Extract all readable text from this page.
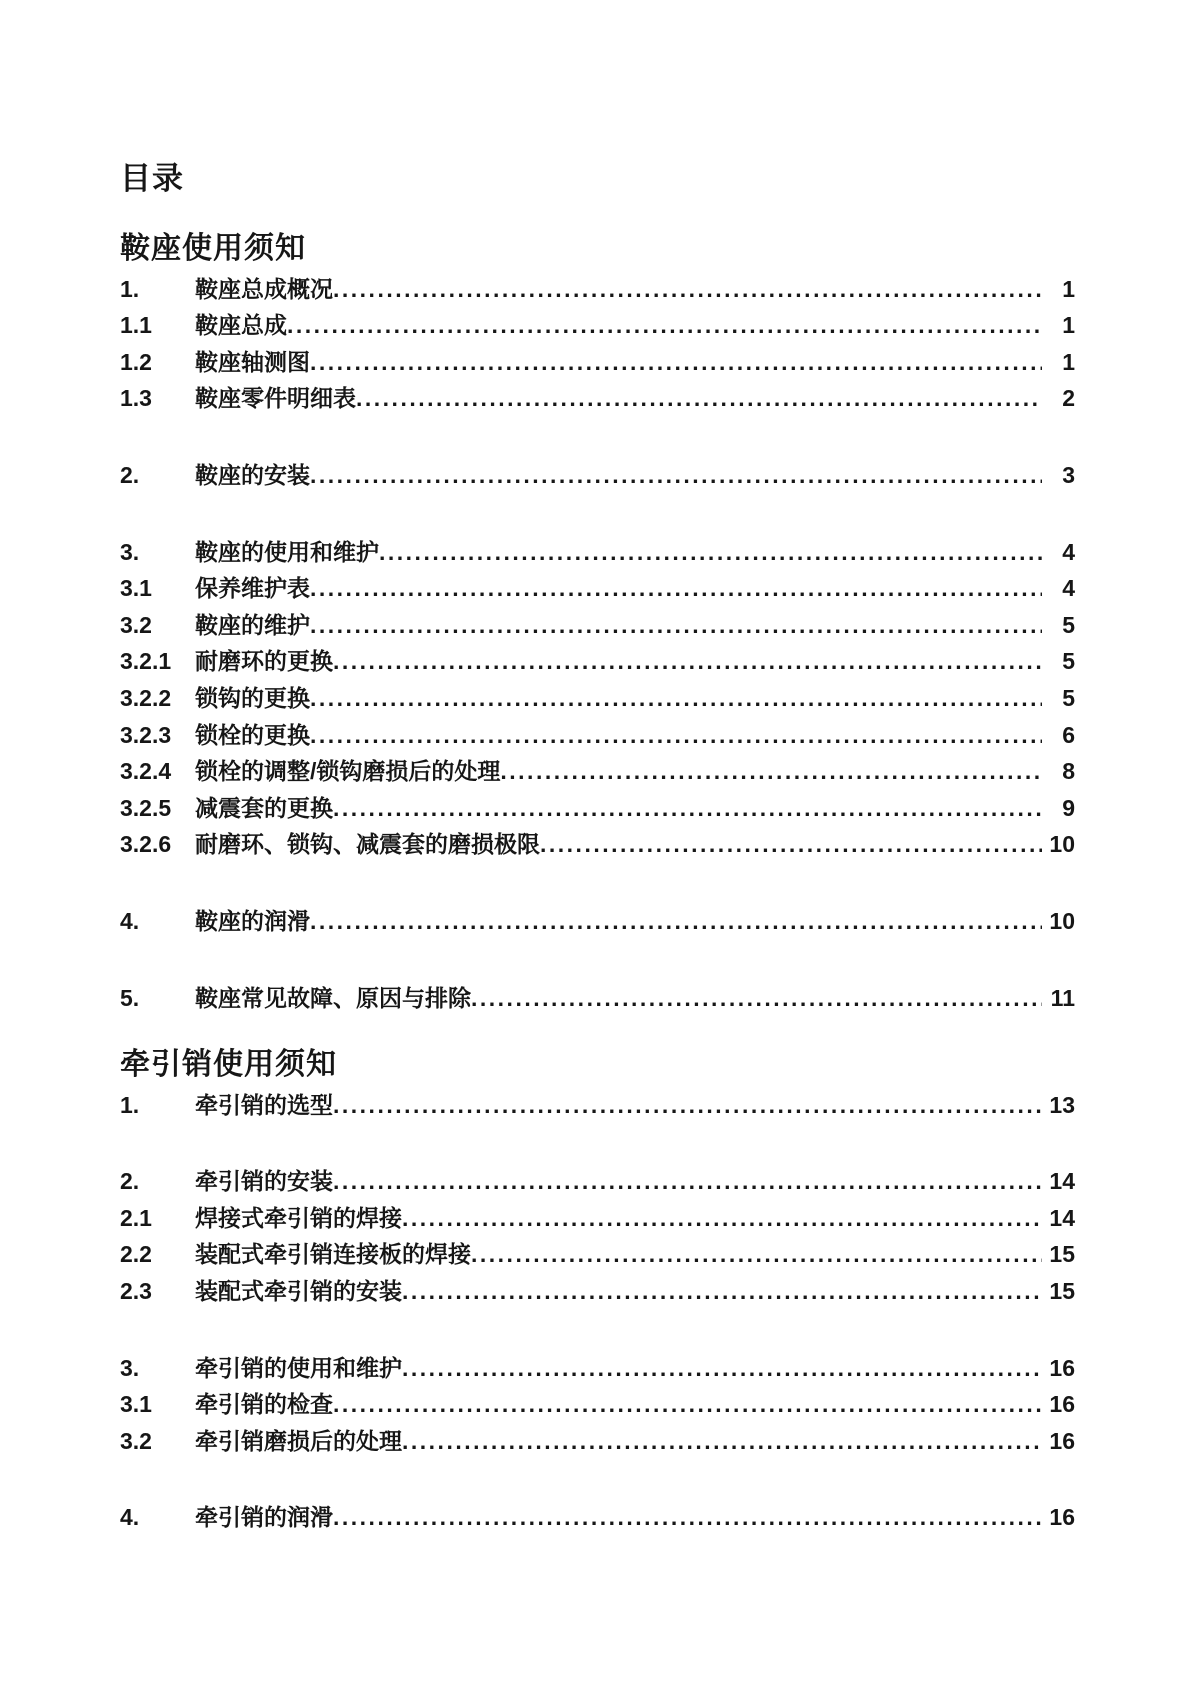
目录
鞍座使用须知
1.	鞍座总成概况 .....	1
1.1	鞍座总成 .....	1
1.2	鞍座轴测图 .....	1
1.3	鞍座零件明细表 .....	2
2.	鞍座的安装 .....	3
3.	鞍座的使用和维护 .....	4
3.1	保养维护表 .....	4
3.2	鞍座的维护 .....	5
3.2.1	耐磨环的更换 .....	5
3.2.2	锁钩的更换 .....	5
3.2.3	锁栓的更换 .....	6
3.2.4	锁栓的调整/锁钩磨损后的处理 .....	8
3.2.5	减震套的更换 .....	9
3.2.6	耐磨环、锁钩、减震套的磨损极限 .....	10
4.	鞍座的润滑 .....	10
5.	鞍座常见故障、原因与排除 .....	11
牵引销使用须知
1.	牵引销的选型 .....	13
2.	牵引销的安装 .....	14
2.1	焊接式牵引销的焊接 .....	14
2.2	装配式牵引销连接板的焊接 .....	15
2.3	装配式牵引销的安装 .....	15
3.	牵引销的使用和维护 .....	16
3.1	牵引销的检查 .....	16
3.2	牵引销磨损后的处理 .....	16
4.	牵引销的润滑 .....	16
